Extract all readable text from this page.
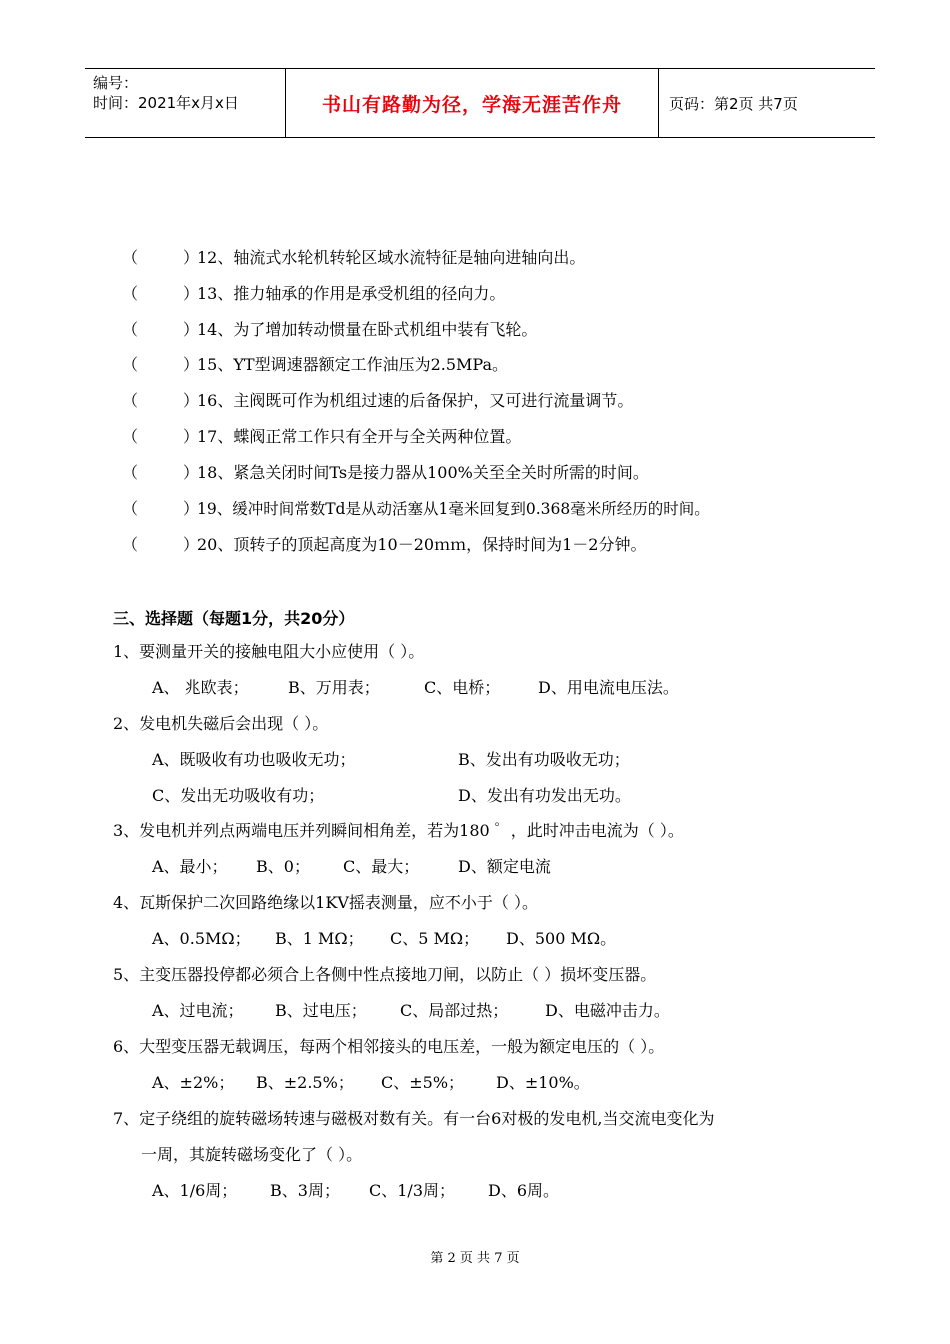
编号：
时间：2021年x月x日	书山有路勤为径，学海无涯苦作舟	页码：第2页 共7页
（	）
12、轴流式水轮机转轮区域水流特征是轴向进轴向出。
（	）
13、推力轴承的作用是承受机组的径向力。
（	）
14、为了增加转动惯量在卧式机组中装有飞轮。
（	）
15、YT型调速器额定工作油压为2.5MPa。
（	）
16、主阀既可作为机组过速的后备保护，又可进行流量调节。
（	）
17、蝶阀正常工作只有全开与全关两种位置。
（	）
18、紧急关闭时间Ts是接力器从100%关至全关时所需的时间。
（	）
19、缓冲时间常数Td是从动活塞从1毫米回复到0.368毫米所经历的时间。
（	）
20、顶转子的顶起高度为10－20ｍｍ，保持时间为1－2分钟。
三、选择题（每题1分，共20分）
1、要测量开关的接触电阻大小应使用（ ）。
A、 兆欧表； B、万用表；	C、电桥； D、用电流电压法。
2、发电机失磁后会出现（ ）。
A、既吸收有功也吸收无功；	B、发出有功吸收无功；
C、发出无功吸收有功；	D、发出有功发出无功。
3、发电机并列点两端电压并列瞬间相角差，若为180 ゜，此时冲击电流为（ ）。
A、最小； B、0； C、最大； D、额定电流
4、瓦斯保护二次回路绝缘以1KV摇表测量，应不小于（ ）。
A、0.5MΩ； B、1 MΩ； C、5 MΩ； D、500 MΩ。
5、主变压器投停都必须合上各侧中性点接地刀闸，以防止（ ）损坏变压器。
A、过电流； B、过电压； C、局部过热； D、电磁冲击力。
6、大型变压器无载调压，每两个相邻接头的电压差，一般为额定电压的（ ）。
A、±2%； B、±2.5%； C、±5%； D、±10%。
7、定子绕组的旋转磁场转速与磁极对数有关。有一台6对极的发电机,当交流电变化为
一周，其旋转磁场变化了（ ）。
A、1/6周； B、3周； C、1/3周； D、6周。
第 2 页 共 7 页
